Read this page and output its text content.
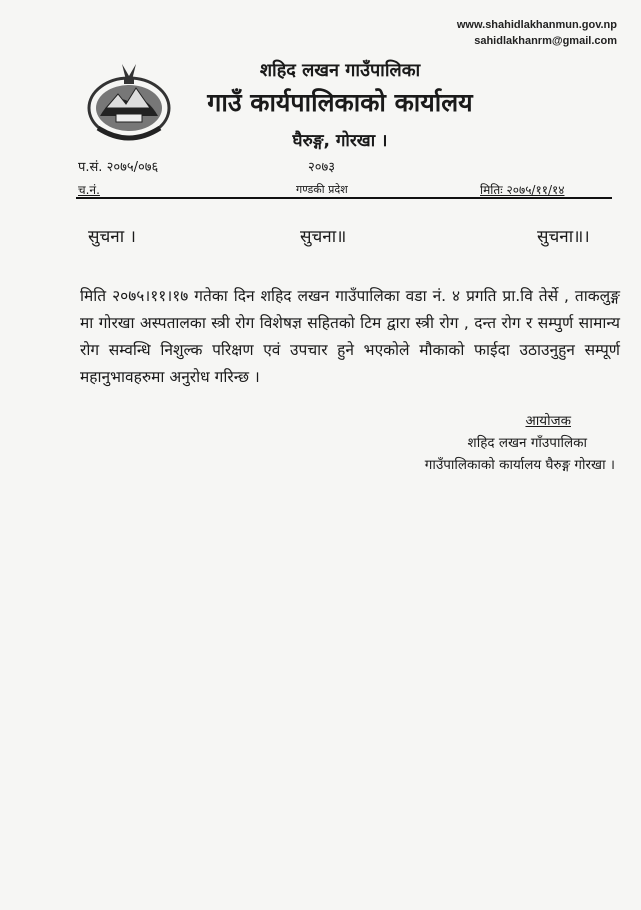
www.shahidlakhanmun.gov.np
sahidlakhanrm@gmail.com
शहिद लखन गाउँपालिका
गाउँ कार्यपालिकाको कार्यालय
घैरुङ्ग, गोरखा ।
प.सं. २०७५/०७६	२०७३
च.नं.	गण्डकी प्रदेश	मितिः २०७५/११/१४
सुचना ।	सुचना॥	सुचना॥।
मिति २०७५।११।१७ गतेका दिन शहिद लखन गाउँपालिका वडा नं. ४ प्रगति प्रा.वि तेर्से , ताकलुङ्ग मा गोरखा अस्पतालका स्त्री रोग विशेषज्ञ सहितको टिम द्वारा स्त्री रोग , दन्त रोग र सम्पुर्ण सामान्य रोग सम्वन्धि निशुल्क परिक्षण एवं उपचार हुने भएकोले मौकाको फाईदा उठाउनुहुन सम्पूर्ण महानुभावहरुमा अनुरोध गरिन्छ ।
आयोजक
शहिद लखन गाँउपालिका
गाउँपालिकाको कार्यालय घैरुङ्ग गोरखा ।
